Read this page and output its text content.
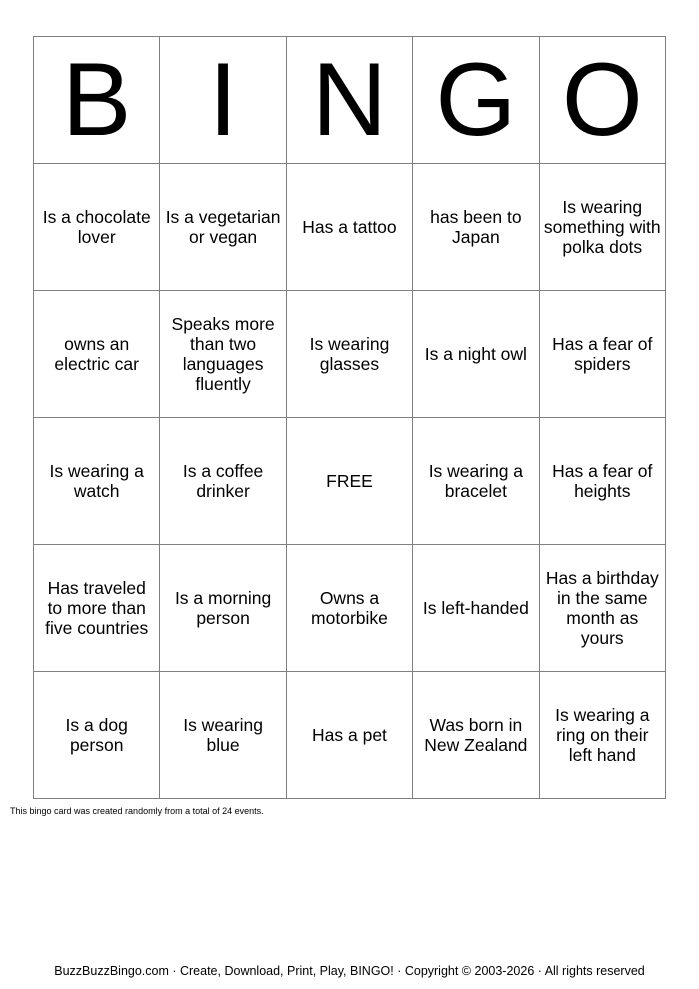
B	I	N	G	O
Is a chocolate lover	Is a vegetarian or vegan	Has a tattoo	has been to Japan	Is wearing something with polka dots
owns an electric car	Speaks more than two languages fluently	Is wearing glasses	Is a night owl	Has a fear of spiders
Is wearing a watch	Is a coffee drinker	FREE	Is wearing a bracelet	Has a fear of heights
Has traveled to more than five countries	Is a morning person	Owns a motorbike	Is left-handed	Has a birthday in the same month as yours
Is a dog person	Is wearing blue	Has a pet	Was born in New Zealand	Is wearing a ring on their left hand
This bingo card was created randomly from a total of 24 events.
BuzzBuzzBingo.com · Create, Download, Print, Play, BINGO! · Copyright © 2003-2026 · All rights reserved
